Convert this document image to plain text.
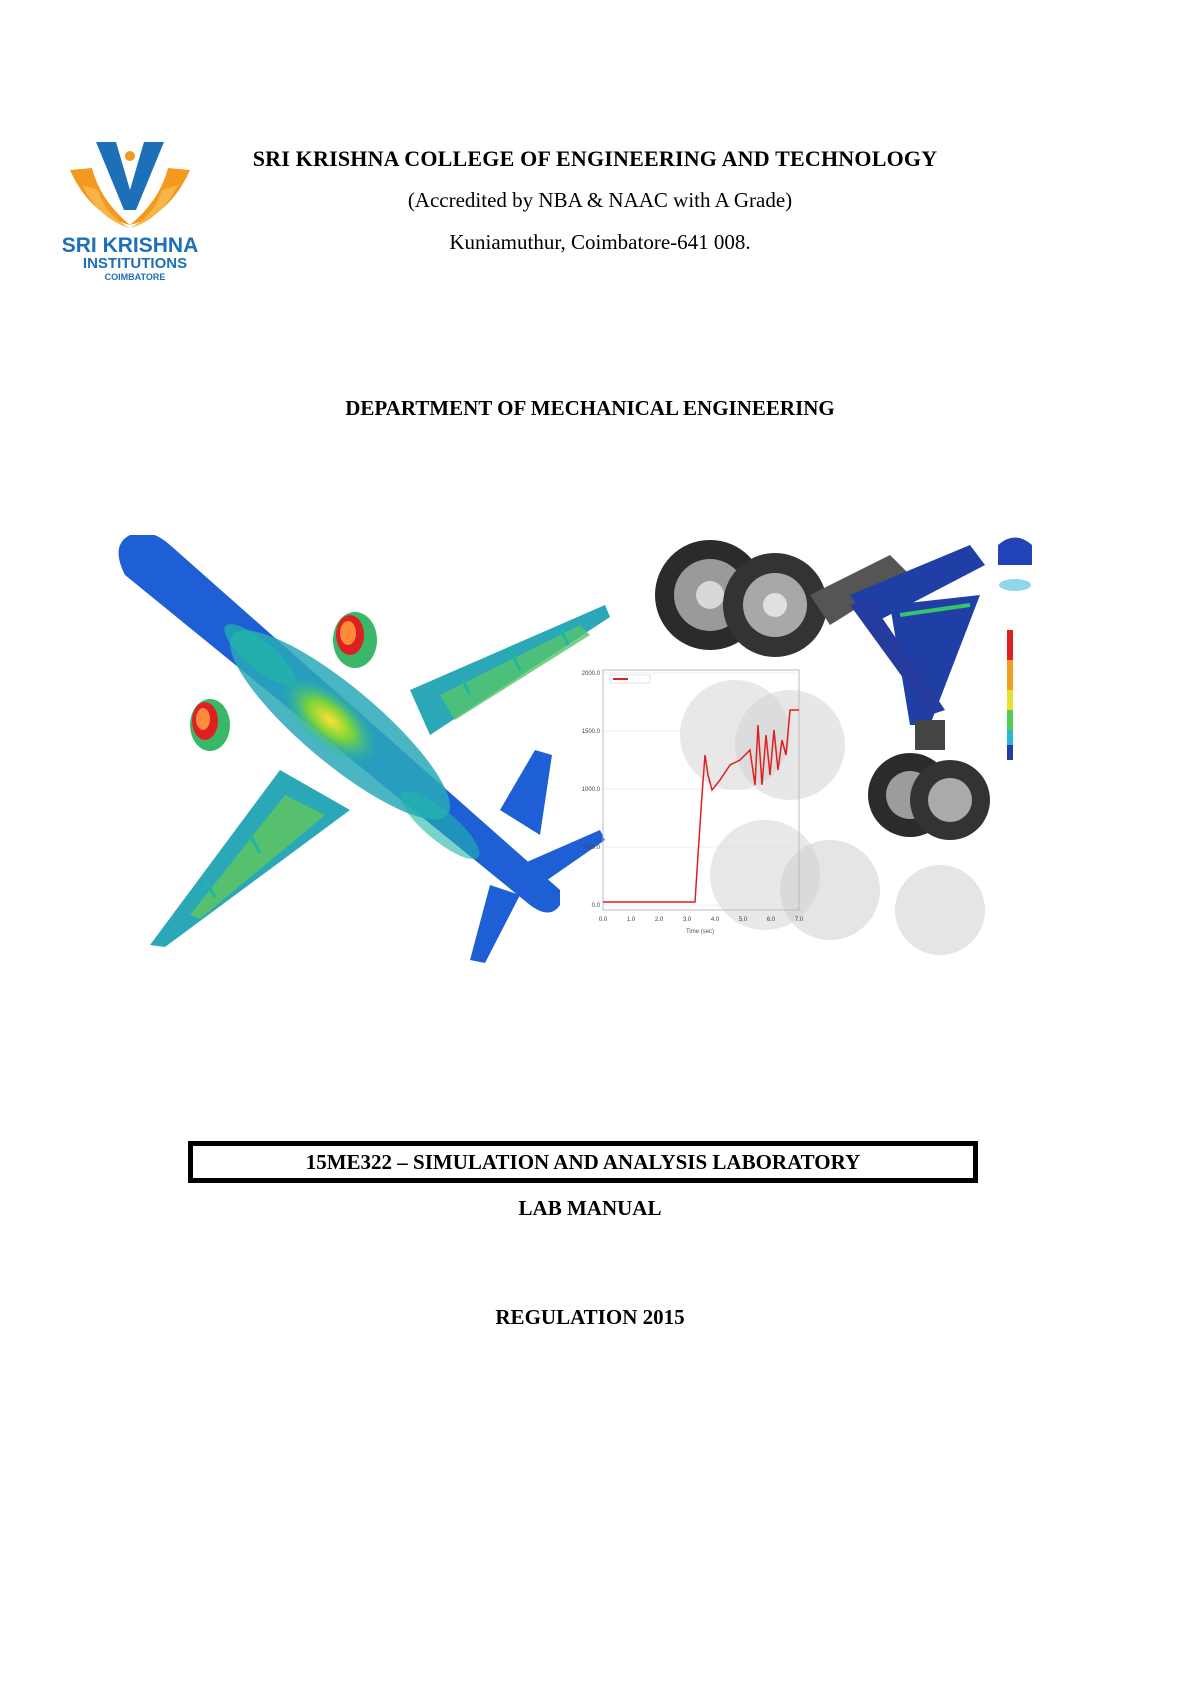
SRI KRISHNA
INSTITUTIONS
COIMBATORE
SRI KRISHNA COLLEGE OF ENGINEERING AND TECHNOLOGY
(Accredited by NBA & NAAC with A Grade)
Kuniamuthur, Coimbatore-641 008.
DEPARTMENT OF MECHANICAL ENGINEERING
2000.0
1500.0
1000.0
500.0
0.0
0.0	1.0	2.0	3.0	4.0	5.0	6.0	7.0
Time (sec)
15ME322 – SIMULATION AND ANALYSIS LABORATORY
LAB MANUAL
REGULATION 2015
